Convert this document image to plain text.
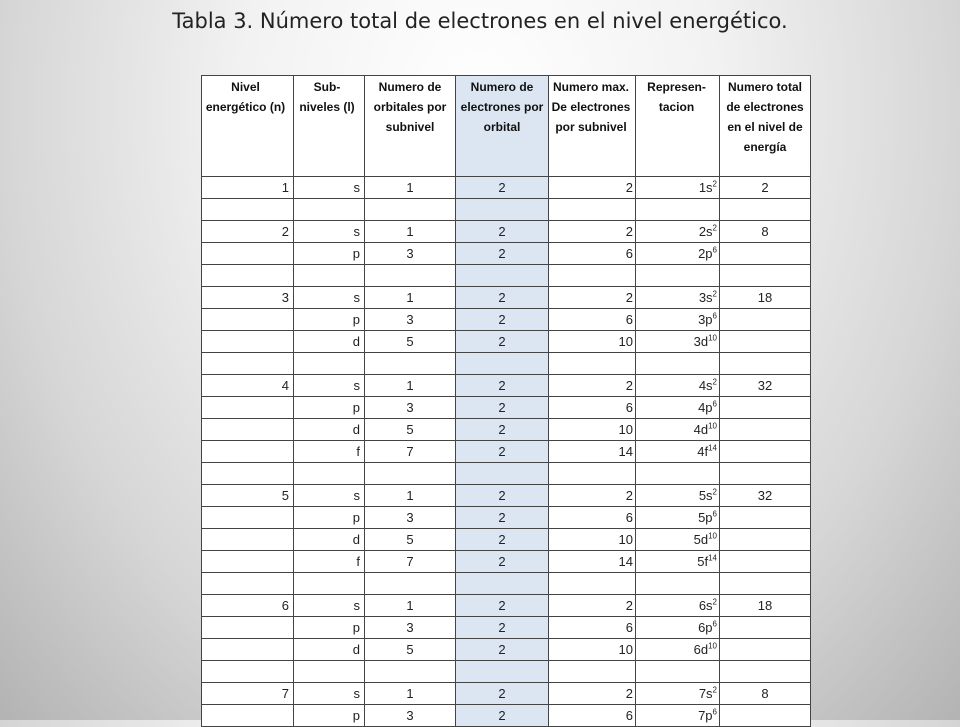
Tabla 3. Número total de electrones en el nivel energético.
Nivel energético (n)	Sub- niveles (l)	Numero de orbitales por subnivel	Numero de electrones por orbital	Numero max. De electrones por subnivel	Represen- tacion	Numero total de electrones en el nivel de energía
1	s	1	2	2	$1s^2$	2

2	s	1	2	2	$2s^2$	8
	p	3	2	6	$2p^6$	

3	s	1	2	2	$3s^2$	18
	p	3	2	6	$3p^6$	
	d	5	2	10	$3d^{10}$	

4	s	1	2	2	$4s^2$	32
	p	3	2	6	$4p^6$	
	d	5	2	10	$4d^{10}$	
	f	7	2	14	$4f^{14}$	

5	s	1	2	2	$5s^2$	32
	p	3	2	6	$5p^6$	
	d	5	2	10	$5d^{10}$	
	f	7	2	14	$5f^{14}$	

6	s	1	2	2	$6s^2$	18
	p	3	2	6	$6p^6$	
	d	5	2	10	$6d^{10}$	

7	s	1	2	2	$7s^2$	8
	p	3	2	6	$7p^6$	
